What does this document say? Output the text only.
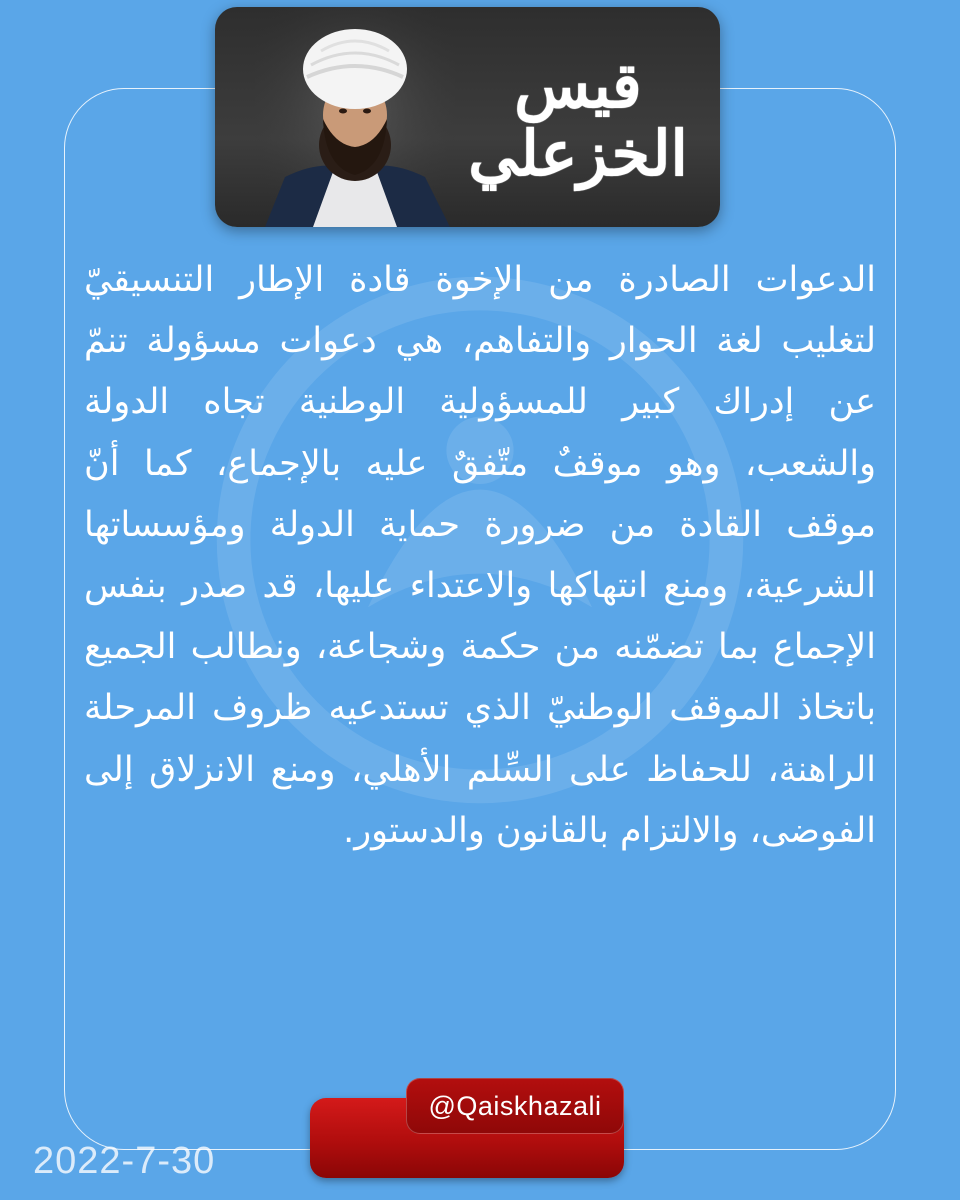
قيس الخزعلي

الدعوات الصادرة من الإخوة قادة الإطار التنسيقيّ لتغليب لغة الحوار والتفاهم، هي دعوات مسؤولة تنمّ عن إدراك كبير للمسؤولية الوطنية تجاه الدولة والشعب، وهو موقفٌ متّفقٌ عليه بالإجماع، كما أنّ موقف القادة من ضرورة حماية الدولة ومؤسساتها الشرعية، ومنع انتهاكها والاعتداء عليها، قد صدر بنفس الإجماع بما تضمّنه من حكمة وشجاعة، ونطالب الجميع باتخاذ الموقف الوطنيّ الذي تستدعيه ظروف المرحلة الراهنة، للحفاظ على السِّلم الأهلي، ومنع الانزلاق إلى الفوضى، والالتزام بالقانون والدستور.

@Qaiskhazali
2022-7-30
